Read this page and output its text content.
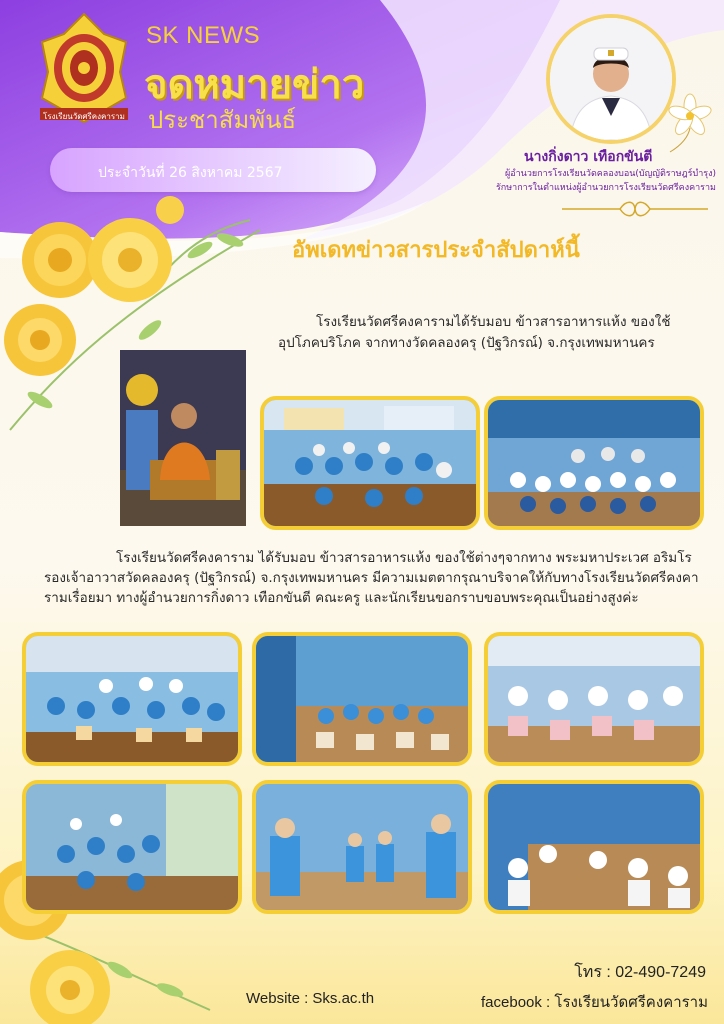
โรงเรียนวัดศรีคงคาราม
SK NEWS
จดหมายข่าว
ประชาสัมพันธ์
ประจำวันที่ 26 สิงหาคม 2567
นางกิ่งดาว เทือกขันตี
ผู้อำนวยการโรงเรียนวัดคลองบอน(บัญญัติราษฎร์บำรุง)
รักษาการในตำแหน่งผู้อำนวยการโรงเรียนวัดศรีคงคาราม
อัพเดทข่าวสารประจำสัปดาห์นี้
โรงเรียนวัดศรีคงคารามได้รับมอบ ข้าวสารอาหารแห้ง ของใช้อุปโภคบริโภค จากทางวัดคลองครุ (ปัฐวิกรณ์) จ.กรุงเทพมหานคร
โรงเรียนวัดศรีคงคาราม ได้รับมอบ ข้าวสารอาหารแห้ง ของใช้ต่างๆจากทาง พระมหาประเวศ อริมโร รองเจ้าอาวาสวัดคลองครุ (ปัฐวิกรณ์) จ.กรุงเทพมหานคร มีความเมตตากรุณาบริจาคให้กับทางโรงเรียนวัดศรีคงคารามเรื่อยมา ทางผู้อำนวยการกิ่งดาว เทือกขันตี คณะครู และนักเรียนขอกราบขอบพระคุณเป็นอย่างสูงค่ะ
โทร : 02-490-7249
Website : Sks.ac.th	facebook : โรงเรียนวัดศรีคงคาราม
